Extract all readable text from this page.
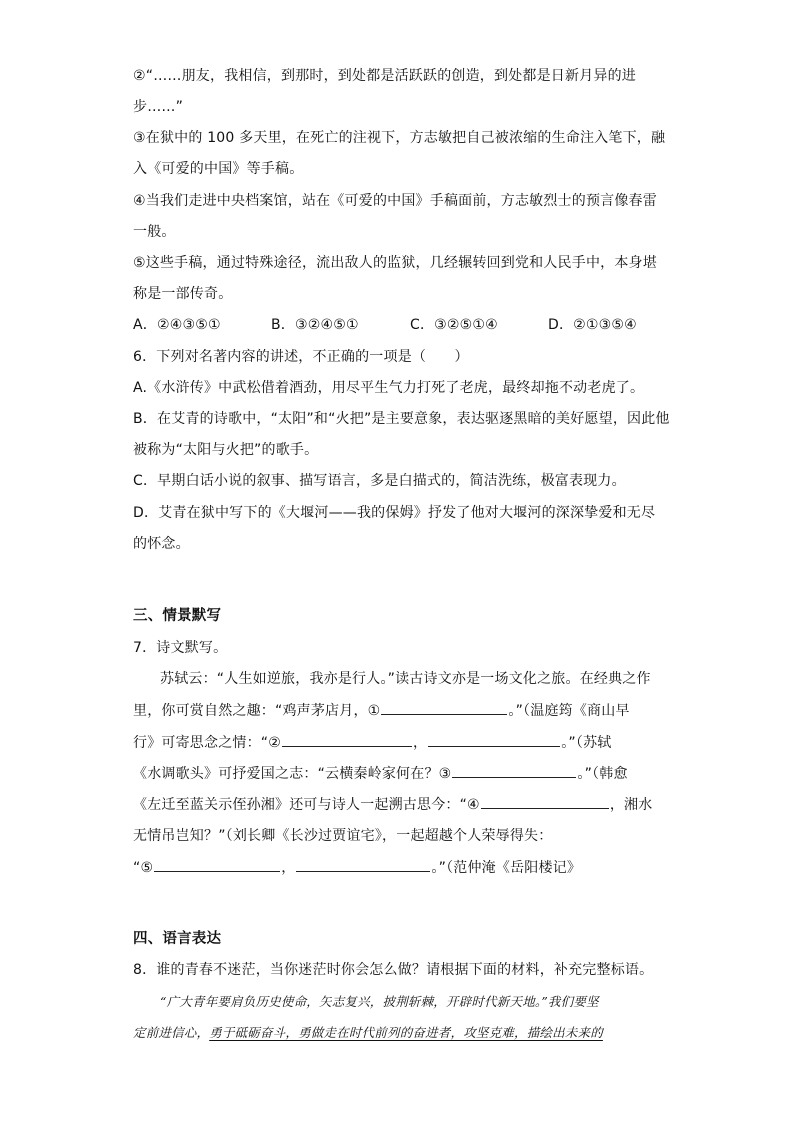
②“……朋友，我相信，到那时，到处都是活跃跃的创造，到处都是日新月异的进
步……”
③在狱中的 100 多天里，在死亡的注视下，方志敏把自己被浓缩的生命注入笔下，融
入《可爱的中国》等手稿。
④当我们走进中央档案馆，站在《可爱的中国》手稿面前，方志敏烈士的预言像春雷
一般。
⑤这些手稿，通过特殊途径，流出敌人的监狱，几经辗转回到党和人民手中，本身堪
称是一部传奇。
A．②④③⑤①	B．③②④⑤①	C．③②⑤①④	D．②①③⑤④
6．下列对名著内容的讲述，不正确的一项是（　　）
A.《水浒传》中武松借着酒劲，用尽平生气力打死了老虎，最终却拖不动老虎了。
B．在艾青的诗歌中，“太阳”和“火把”是主要意象，表达驱逐黑暗的美好愿望，因此他
被称为“太阳与火把”的歌手。
C．早期白话小说的叙事、描写语言，多是白描式的，简洁洗练，极富表现力。
D．艾青在狱中写下的《大堰河——我的保姆》抒发了他对大堰河的深深挚爱和无尽
的怀念。
三、情景默写
7．诗文默写。
苏轼云：“人生如逆旅，我亦是行人。”读古诗文亦是一场文化之旅。在经典之作
里，你可赏自然之趣：“鸡声茅店月，①	。”（温庭筠《商山早
行》可寄思念之情：“②	，	。”（苏轼
《水调歌头》可抒爱国之志：“云横秦岭家何在？③	。”（韩愈
《左迁至蓝关示侄孙湘》还可与诗人一起溯古思今：“④	，湘水
无情吊岂知？”（刘长卿《长沙过贾谊宅》，一起超越个人荣辱得失：
“⑤	，	。”（范仲淹《岳阳楼记》
四、语言表达
8．谁的青春不迷茫，当你迷茫时你会怎么做？请根据下面的材料，补充完整标语。
“广大青年要肩负历史使命，矢志复兴，披荆斩棘，开辟时代新天地。”我们要坚
定前进信心，勇于砥砺奋斗，勇做走在时代前列的奋进者，攻坚克难，描绘出未来的
